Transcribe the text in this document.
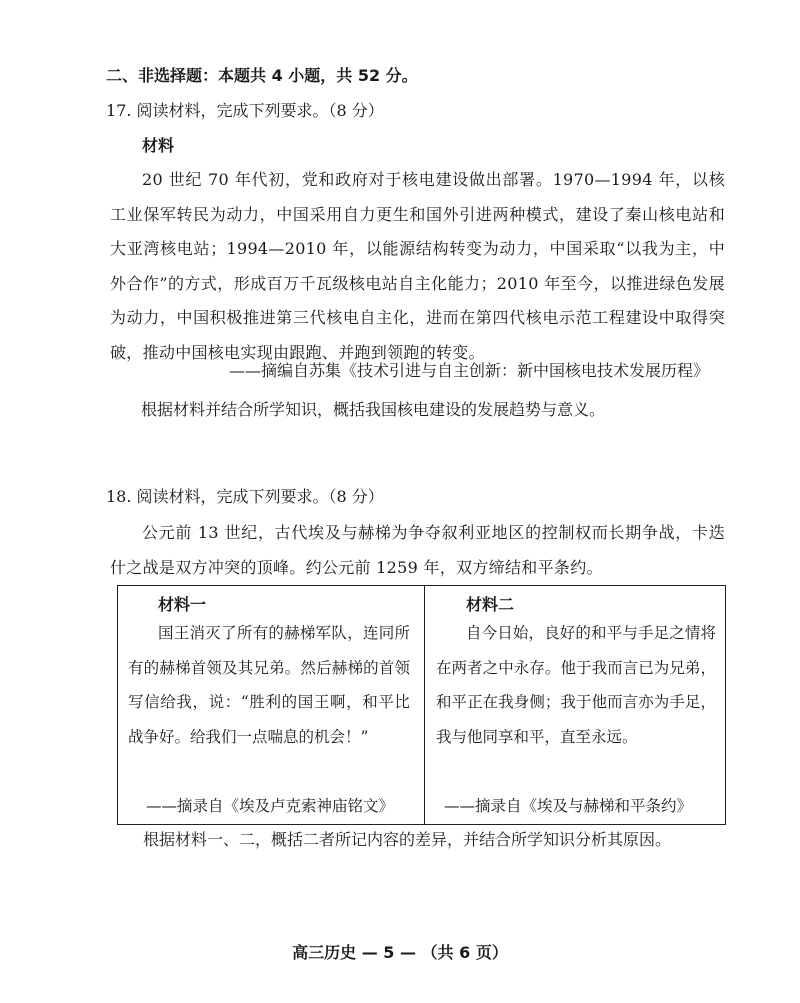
二、非选择题：本题共 4 小题，共 52 分。
17. 阅读材料，完成下列要求。（8 分）
材料
20 世纪 70 年代初，党和政府对于核电建设做出部署。1970—1994 年，以核工业保军转民为动力，中国采用自力更生和国外引进两种模式，建设了秦山核电站和大亚湾核电站；1994—2010 年，以能源结构转变为动力，中国采取“以我为主，中外合作”的方式，形成百万千瓦级核电站自主化能力；2010 年至今，以推进绿色发展为动力，中国积极推进第三代核电自主化，进而在第四代核电示范工程建设中取得突破，推动中国核电实现由跟跑、并跑到领跑的转变。
——摘编自苏集《技术引进与自主创新：新中国核电技术发展历程》
根据材料并结合所学知识，概括我国核电建设的发展趋势与意义。
18. 阅读材料，完成下列要求。（8 分）
公元前 13 世纪，古代埃及与赫梯为争夺叙利亚地区的控制权而长期争战，卡迭什之战是双方冲突的顶峰。约公元前 1259 年，双方缔结和平条约。
材料一
国王消灭了所有的赫梯军队，连同所有的赫梯首领及其兄弟。然后赫梯的首领写信给我，说：“胜利的国王啊，和平比战争好。给我们一点喘息的机会！”
——摘录自《埃及卢克索神庙铭文》
材料二
自今日始，良好的和平与手足之情将在两者之中永存。他于我而言已为兄弟，和平正在我身侧；我于他而言亦为手足，我与他同享和平，直至永远。
——摘录自《埃及与赫梯和平条约》
根据材料一、二，概括二者所记内容的差异，并结合所学知识分析其原因。
高三历史 — 5 — （共 6 页）
